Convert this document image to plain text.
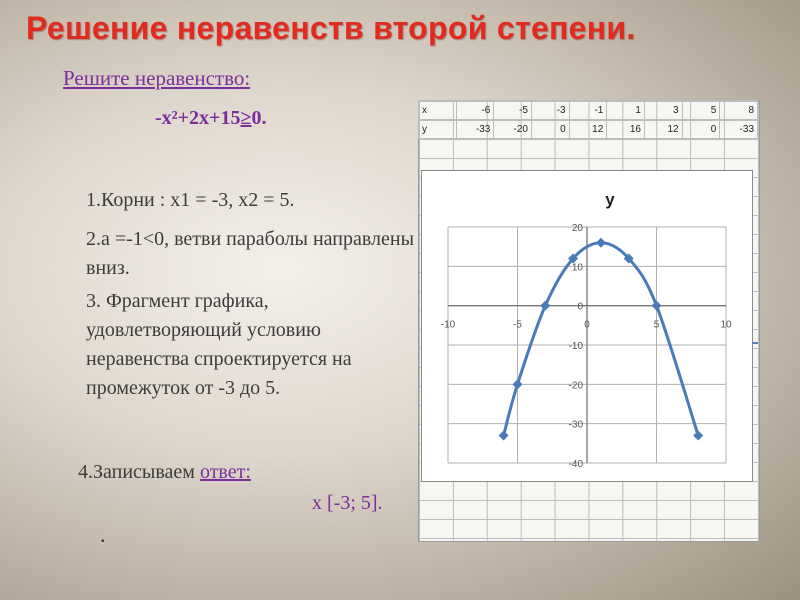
Решение неравенств второй степени.
Решите неравенство:
-x²+2x+15≥0.
1.Корни : x1 = -3, x2 = 5.
2.a =-1<0, ветви параболы направлены вниз.
3. Фрагмент графика, удовлетворяющий условию неравенства спроектируется на промежуток от -3 до 5.
4.Записываем ответ:
x [-3; 5].
.
x	-6	-5	-3	-1	1	3	5	8
y	-33	-20	0	12	16	12	0	-33
y
20
10
0
-10
-20
-30
-40
-10	-5	0	5	10
